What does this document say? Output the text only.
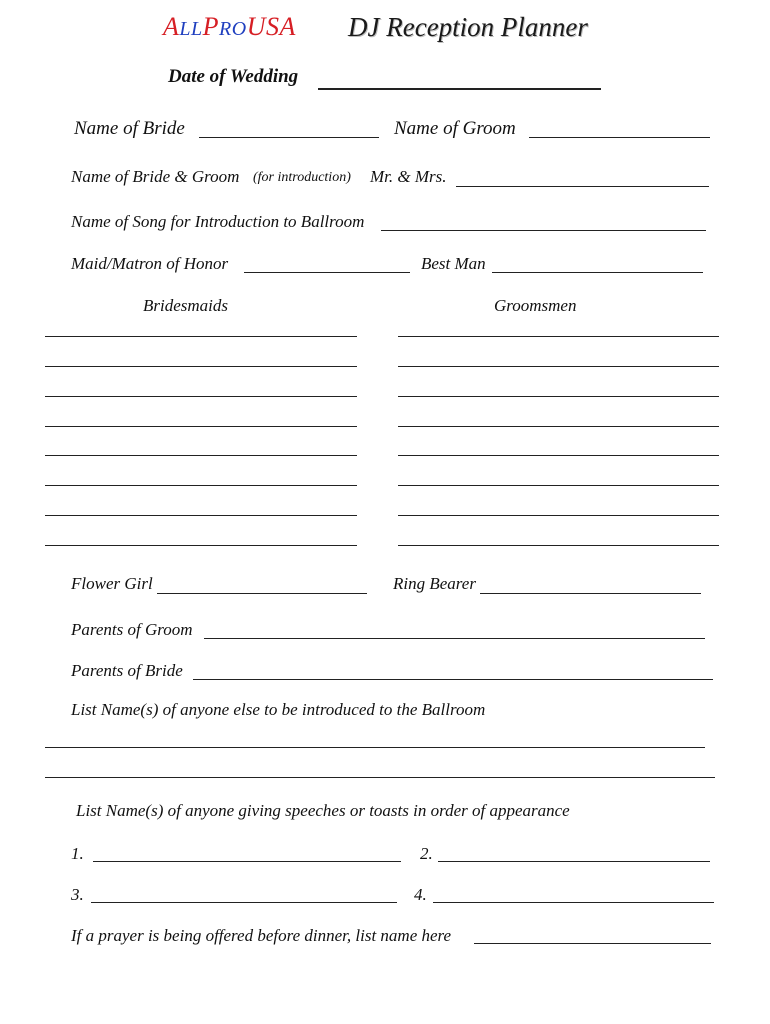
ALLPROUSA DJ Reception Planner
Date of Wedding
Name of Bride	Name of Groom
Name of Bride & Groom (for introduction) Mr. & Mrs.
Name of Song for Introduction to Ballroom
Maid/Matron of Honor	Best Man
Bridesmaids	Groomsmen
Flower Girl	Ring Bearer
Parents of Groom
Parents of Bride
List Name(s) of anyone else to be introduced to the Ballroom
List Name(s) of anyone giving speeches or toasts in order of appearance
1.	2.
3.	4.
If a prayer is being offered before dinner, list name here
